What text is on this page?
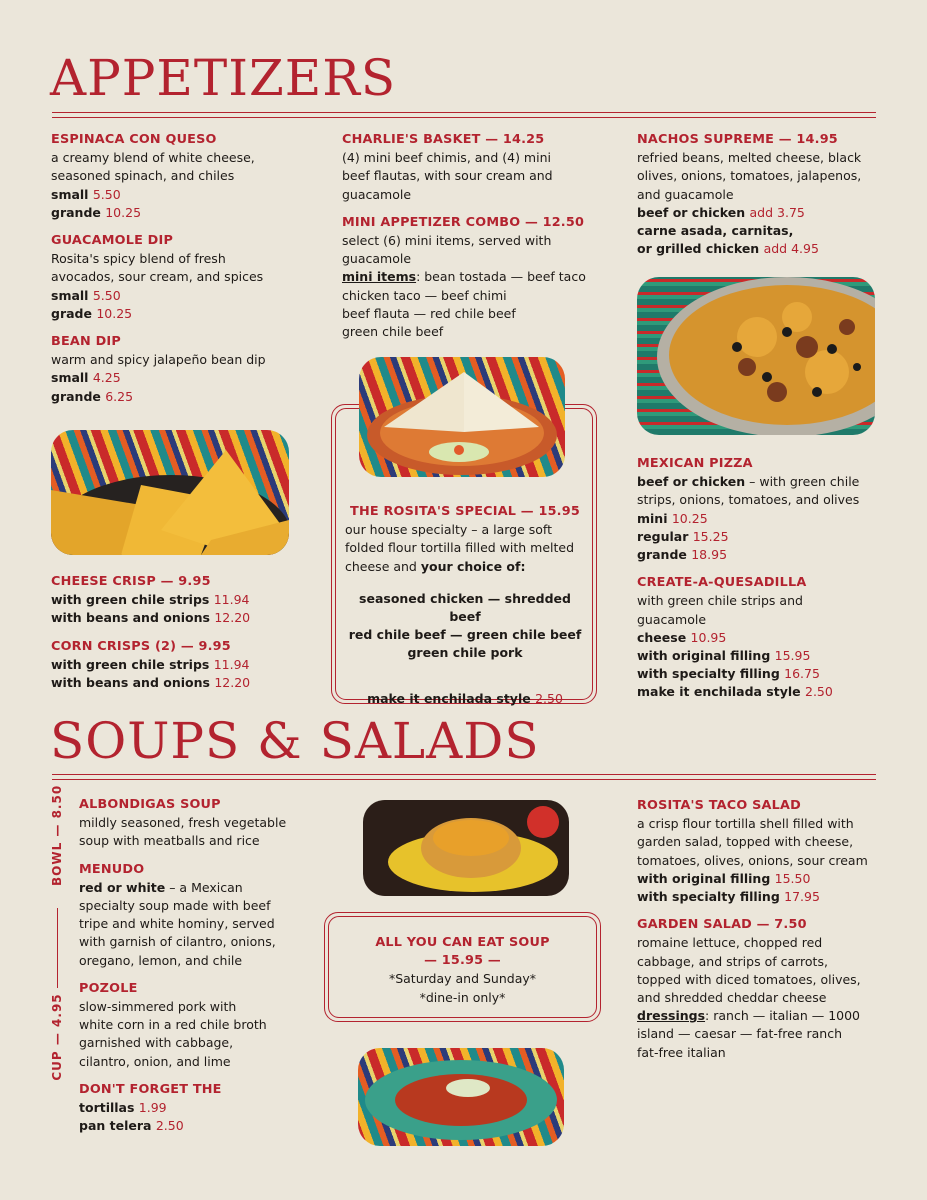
APPETIZERS
ESPINACA CON QUESO
a creamy blend of white cheese,
seasoned spinach, and chiles
small 5.50
grande 10.25
GUACAMOLE DIP
Rosita's spicy blend of fresh
avocados, sour cream, and spices
small 5.50
grade 10.25
BEAN DIP
warm and spicy jalapeño bean dip
small 4.25
grande 6.25
CHEESE CRISP — 9.95
with green chile strips 11.94
with beans and onions 12.20
CORN CRISPS (2) — 9.95
with green chile strips 11.94
with beans and onions 12.20
CHARLIE'S BASKET — 14.25
(4) mini beef chimis, and (4) mini
beef flautas, with sour cream and
guacamole
MINI APPETIZER COMBO — 12.50
select (6) mini items, served with
guacamole
mini items: bean tostada — beef taco
chicken taco — beef chimi
beef flauta — red chile beef
green chile beef
THE ROSITA'S SPECIAL — 15.95
our house specialty – a large soft
folded flour tortilla filled with melted
cheese and your choice of:
seasoned chicken — shredded beef
red chile beef — green chile beef
green chile pork
make it enchilada style 2.50
NACHOS SUPREME — 14.95
refried beans, melted cheese, black
olives, onions, tomatoes, jalapenos,
and guacamole
beef or chicken add 3.75
carne asada, carnitas,
or grilled chicken add 4.95
MEXICAN PIZZA
beef or chicken – with green chile
strips, onions, tomatoes, and olives
mini 10.25
regular 15.25
grande 18.95
CREATE-A-QUESADILLA
with green chile strips and
guacamole
cheese 10.95
with original filling 15.95
with specialty filling 16.75
make it enchilada style 2.50
SOUPS & SALADS
BOWL — 8.50
CUP — 4.95
ALBONDIGAS SOUP
mildly seasoned, fresh vegetable
soup with meatballs and rice
MENUDO
red or white – a Mexican
specialty soup made with beef
tripe and white hominy, served
with garnish of cilantro, onions,
oregano, lemon, and chile
POZOLE
slow-simmered pork with
white corn in a red chile broth
garnished with cabbage,
cilantro, onion, and lime
DON'T FORGET THE
tortillas 1.99
pan telera 2.50
ALL YOU CAN EAT SOUP
— 15.95 —
*Saturday and Sunday*
*dine-in only*
ROSITA'S TACO SALAD
a crisp flour tortilla shell filled with
garden salad, topped with cheese,
tomatoes, olives, onions, sour cream
with original filling 15.50
with specialty filling 17.95
GARDEN SALAD — 7.50
romaine lettuce, chopped red
cabbage, and strips of carrots,
topped with diced tomatoes, olives,
and shredded cheddar cheese
dressings: ranch — italian — 1000
island — caesar — fat-free ranch
fat-free italian
